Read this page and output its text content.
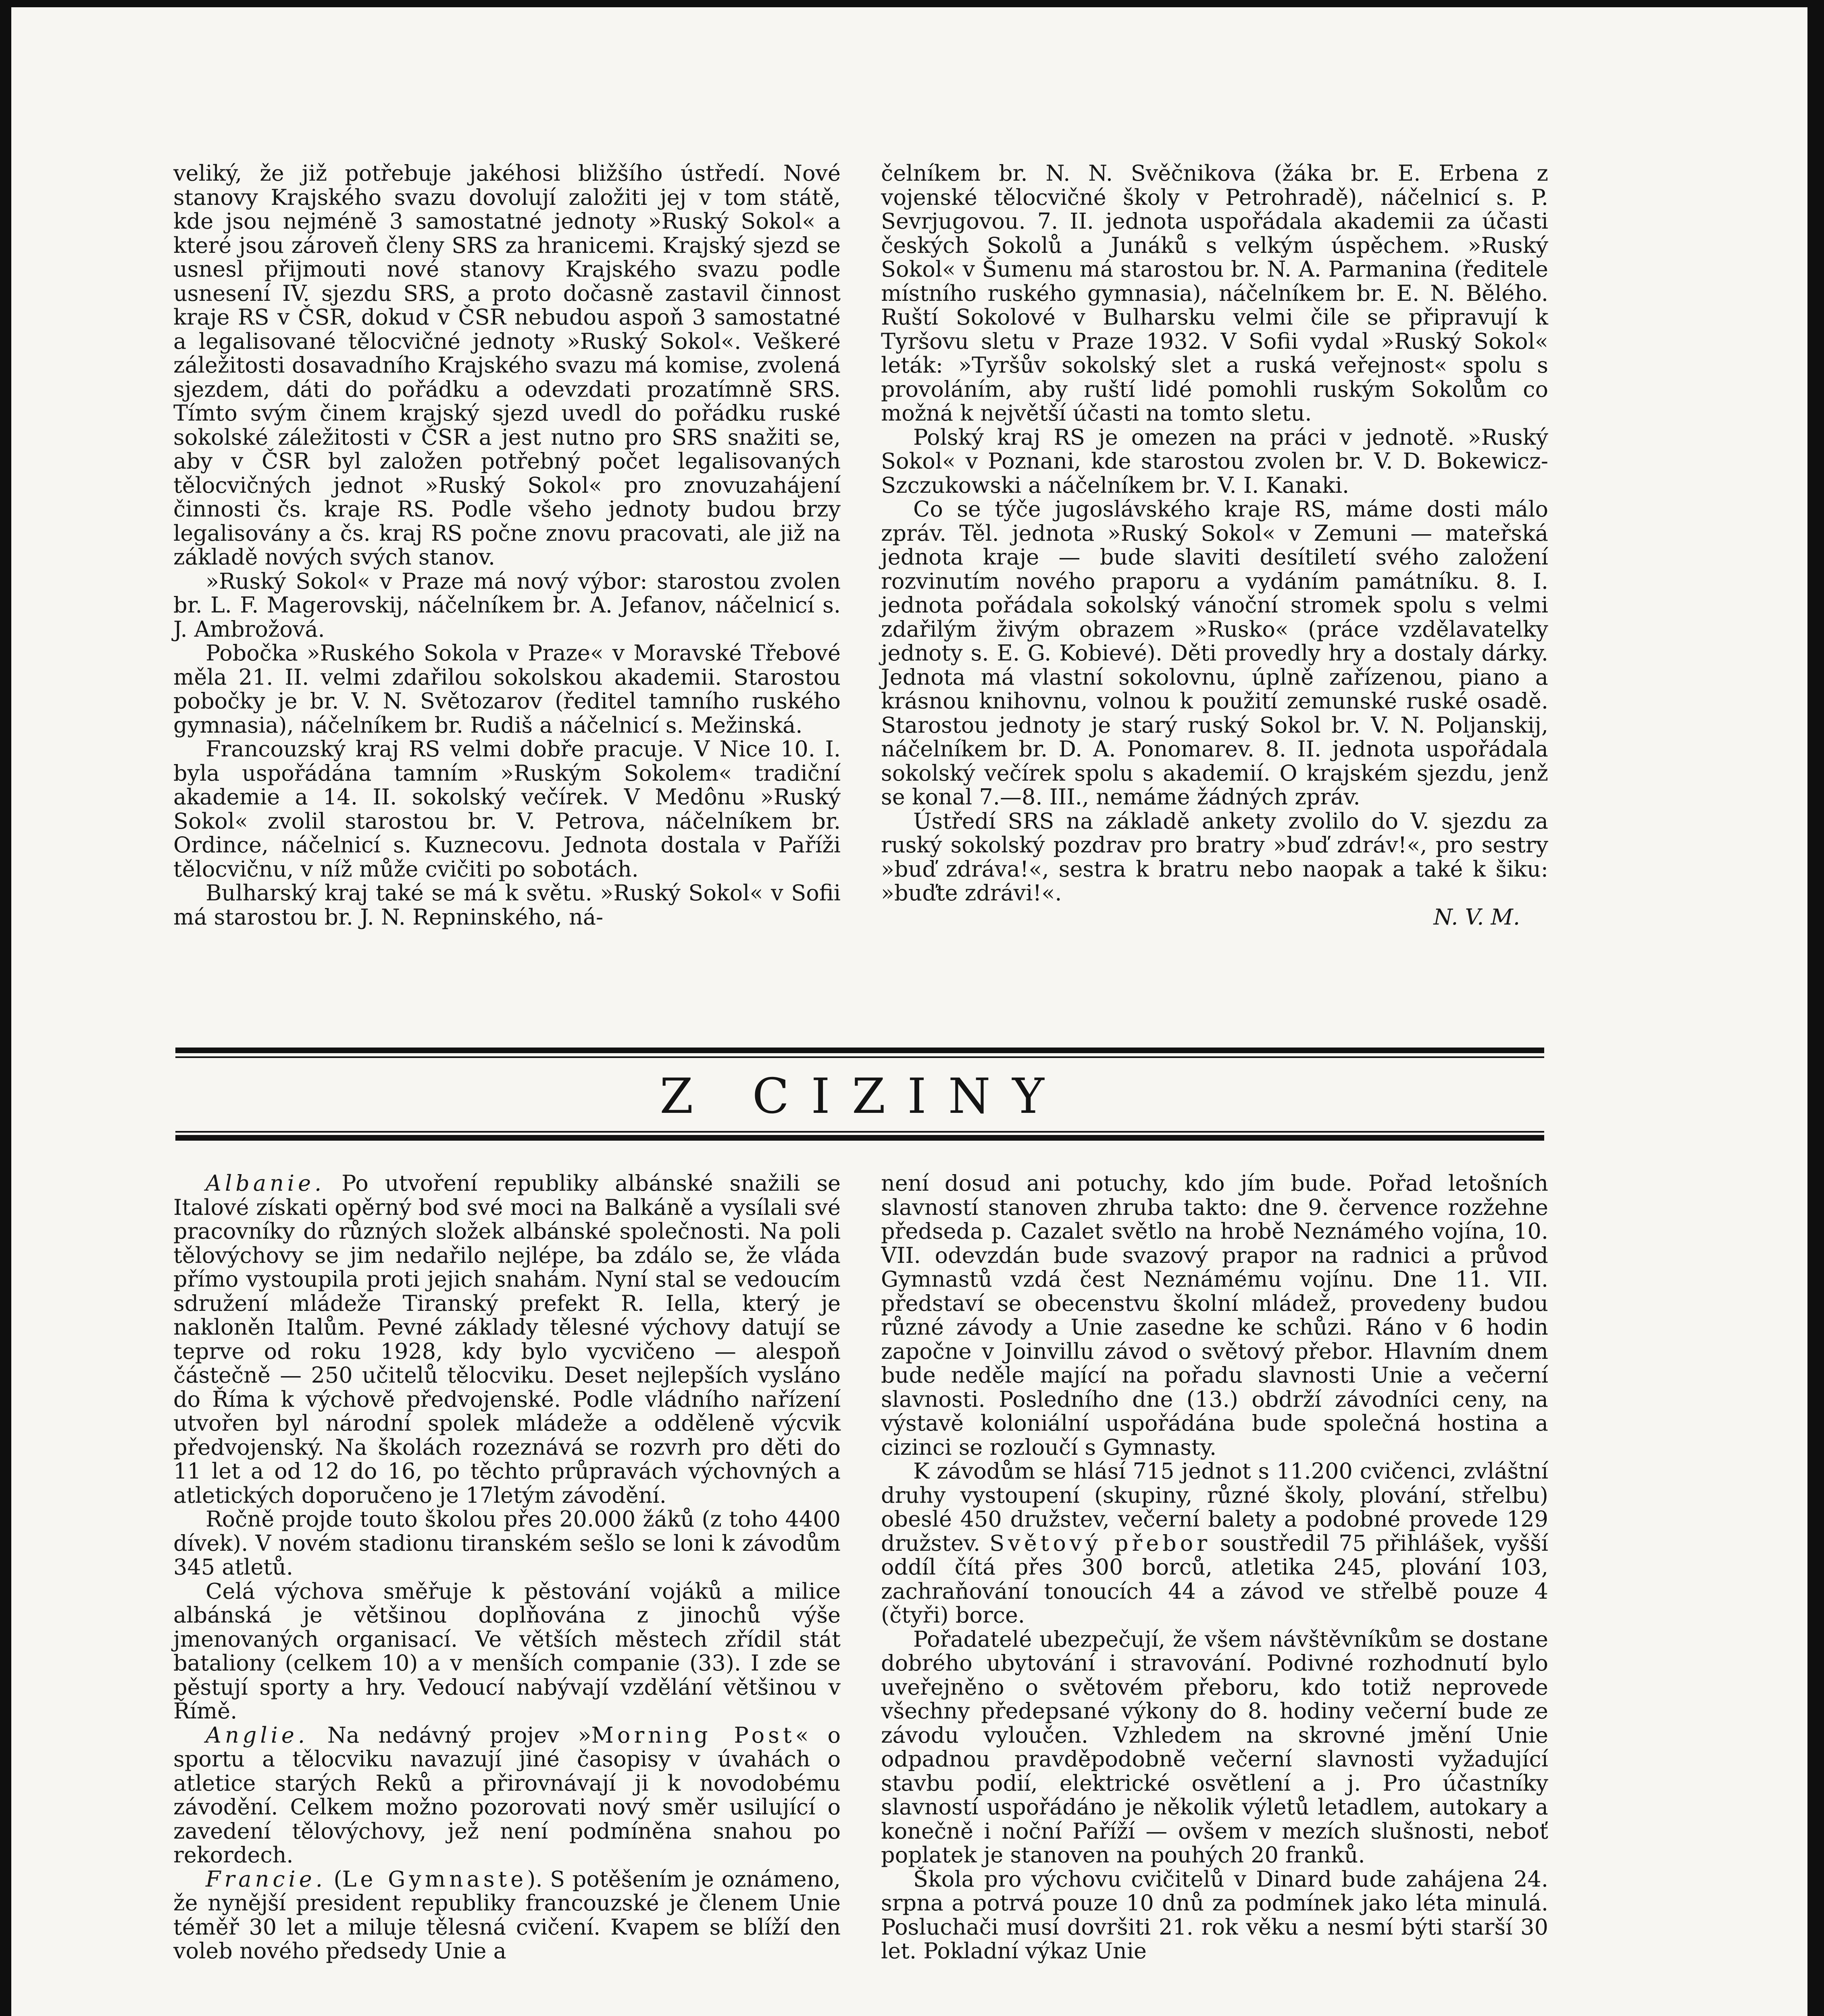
veliký, že již potřebuje jakéhosi bližšího ústředí. Nové stanovy Krajského svazu dovolují založiti jej v tom státě, kde jsou nejméně 3 samostatné jednoty »Ruský Sokol« a které jsou zároveň členy SRS za hranicemi. Krajský sjezd se usnesl přijmouti nové stanovy Krajského svazu podle usnesení IV. sjezdu SRS, a proto dočasně zastavil činnost kraje RS v ČSR, dokud v ČSR nebudou aspoň 3 samostatné a legalisované tělocvičné jednoty »Ruský Sokol«. Veškeré záležitosti dosavadního Krajského svazu má komise, zvolená sjezdem, dáti do pořádku a odevzdati prozatímně SRS. Tímto svým činem krajský sjezd uvedl do pořádku ruské sokolské záležitosti v ČSR a jest nutno pro SRS snažiti se, aby v ČSR byl založen potřebný počet legalisovaných tělocvičných jednot »Ruský Sokol« pro znovuzahájení činnosti čs. kraje RS. Podle všeho jednoty budou brzy legalisovány a čs. kraj RS počne znovu pracovati, ale již na základě nových svých stanov.

»Ruský Sokol« v Praze má nový výbor: starostou zvolen br. L. F. Magerovskij, náčelníkem br. A. Jefanov, náčelnicí s. J. Ambrožová.

Pobočka »Ruského Sokola v Praze« v Moravské Třebové měla 21. II. velmi zdařilou sokolskou akademii. Starostou pobočky je br. V. N. Světozarov (ředitel tamního ruského gymnasia), náčelníkem br. Rudiš a náčelnicí s. Mežinská.

Francouzský kraj RS velmi dobře pracuje. V Nice 10. I. byla uspořádána tamním »Ruským Sokolem« tradiční akademie a 14. II. sokolský večírek. V Medônu »Ruský Sokol« zvolil starostou br. V. Petrova, náčelníkem br. Ordince, náčelnicí s. Kuznecovu. Jednota dostala v Paříži tělocvičnu, v níž může cvičiti po sobotách.

Bulharský kraj také se má k světu. »Ruský Sokol« v Sofii má starostou br. J. N. Repninského, ná-

čelníkem br. N. N. Svěčnikova (žáka br. E. Erbena z vojenské tělocvičné školy v Petrohradě), náčelnicí s. P. Sevrjugovou. 7. II. jednota uspořádala akademii za účasti českých Sokolů a Junáků s velkým úspěchem. »Ruský Sokol« v Šumenu má starostou br. N. A. Parmanina (ředitele místního ruského gymnasia), náčelníkem br. E. N. Bělého. Ruští Sokolové v Bulharsku velmi čile se připravují k Tyršovu sletu v Praze 1932. V Sofii vydal »Ruský Sokol« leták: »Tyršův sokolský slet a ruská veřejnost« spolu s provoláním, aby ruští lidé pomohli ruským Sokolům co možná k největší účasti na tomto sletu.

Polský kraj RS je omezen na práci v jednotě. »Ruský Sokol« v Poznani, kde starostou zvolen br. V. D. Bokewicz-Szczukowski a náčelníkem br. V. I. Kanaki.

Co se týče jugoslávského kraje RS, máme dosti málo zpráv. Těl. jednota »Ruský Sokol« v Zemuni — mateřská jednota kraje — bude slaviti desítiletí svého založení rozvinutím nového praporu a vydáním památníku. 8. I. jednota pořádala sokolský vánoční stromek spolu s velmi zdařilým živým obrazem »Rusko« (práce vzdělavatelky jednoty s. E. G. Kobievé). Děti provedly hry a dostaly dárky. Jednota má vlastní sokolovnu, úplně zařízenou, piano a krásnou knihovnu, volnou k použití zemunské ruské osadě. Starostou jednoty je starý ruský Sokol br. V. N. Poljanskij, náčelníkem br. D. A. Ponomarev. 8. II. jednota uspořádala sokolský večírek spolu s akademií. O krajském sjezdu, jenž se konal 7.—8. III., nemáme žádných zpráv.

Ústředí SRS na základě ankety zvolilo do V. sjezdu za ruský sokolský pozdrav pro bratry »buď zdráv!«, pro sestry »buď zdráva!«, sestra k bratru nebo naopak a také k šiku: »buďte zdrávi!«.

N. V. M.

Z CIZINY

Albanie. Po utvoření republiky albánské snažili se Italové získati opěrný bod své moci na Balkáně a vysílali své pracovníky do různých složek albánské společnosti. Na poli tělovýchovy se jim nedařilo nejlépe, ba zdálo se, že vláda přímo vystoupila proti jejich snahám. Nyní stal se vedoucím sdružení mládeže Tiranský prefekt R. Iella, který je nakloněn Italům. Pevné základy tělesné výchovy datují se teprve od roku 1928, kdy bylo vycvičeno — alespoň částečně — 250 učitelů tělocviku. Deset nejlepších vysláno do Říma k výchově předvojenské. Podle vládního nařízení utvořen byl národní spolek mládeže a odděleně výcvik předvojenský. Na školách rozeznává se rozvrh pro děti do 11 let a od 12 do 16, po těchto průpravách výchovných a atletických doporučeno je 17letým závodění.

Ročně projde touto školou přes 20.000 žáků (z toho 4400 dívek). V novém stadionu tiranském sešlo se loni k závodům 345 atletů.

Celá výchova směřuje k pěstování vojáků a milice albánská je většinou doplňována z jinochů výše jmenovaných organisací. Ve větších městech zřídil stát bataliony (celkem 10) a v menších companie (33). I zde se pěstují sporty a hry. Vedoucí nabývají vzdělání většinou v Římě.

Anglie. Na nedávný projev »Morning Post« o sportu a tělocviku navazují jiné časopisy v úvahách o atletice starých Reků a přirovnávají ji k novodobému závodění. Celkem možno pozorovati nový směr usilující o zavedení tělovýchovy, jež není podmíněna snahou po rekordech.

Francie. (Le Gymnaste). S potěšením je oznámeno, že nynější president republiky francouzské je členem Unie téměř 30 let a miluje tělesná cvičení. Kvapem se blíží den voleb nového předsedy Unie a

není dosud ani potuchy, kdo jím bude. Pořad letošních slavností stanoven zhruba takto: dne 9. července rozžehne předseda p. Cazalet světlo na hrobě Neznámého vojína, 10. VII. odevzdán bude svazový prapor na radnici a průvod Gymnastů vzdá čest Neznámému vojínu. Dne 11. VII. představí se obecenstvu školní mládež, provedeny budou různé závody a Unie zasedne ke schůzi. Ráno v 6 hodin započne v Joinvillu závod o světový přebor. Hlavním dnem bude neděle mající na pořadu slavnosti Unie a večerní slavnosti. Posledního dne (13.) obdrží závodníci ceny, na výstavě koloniální uspořádána bude společná hostina a cizinci se rozloučí s Gymnasty.

K závodům se hlásí 715 jednot s 11.200 cvičenci, zvláštní druhy vystoupení (skupiny, různé školy, plování, střelbu) obeslé 450 družstev, večerní balety a podobné provede 129 družstev. Světový přebor soustředil 75 přihlášek, vyšší oddíl čítá přes 300 borců, atletika 245, plování 103, zachraňování tonoucích 44 a závod ve střelbě pouze 4 (čtyři) borce.

Pořadatelé ubezpečují, že všem návštěvníkům se dostane dobrého ubytování i stravování. Podivné rozhodnutí bylo uveřejněno o světovém přeboru, kdo totiž neprovede všechny předepsané výkony do 8. hodiny večerní bude ze závodu vyloučen. Vzhledem na skrovné jmění Unie odpadnou pravděpodobně večerní slavnosti vyžadující stavbu podií, elektrické osvětlení a j. Pro účastníky slavností uspořádáno je několik výletů letadlem, autokary a konečně i noční Paříží — ovšem v mezích slušnosti, neboť poplatek je stanoven na pouhých 20 franků.

Škola pro výchovu cvičitelů v Dinard bude zahájena 24. srpna a potrvá pouze 10 dnů za podmínek jako léta minulá. Posluchači musí dovršiti 21. rok věku a nesmí býti starší 30 let. Pokladní výkaz Unie
